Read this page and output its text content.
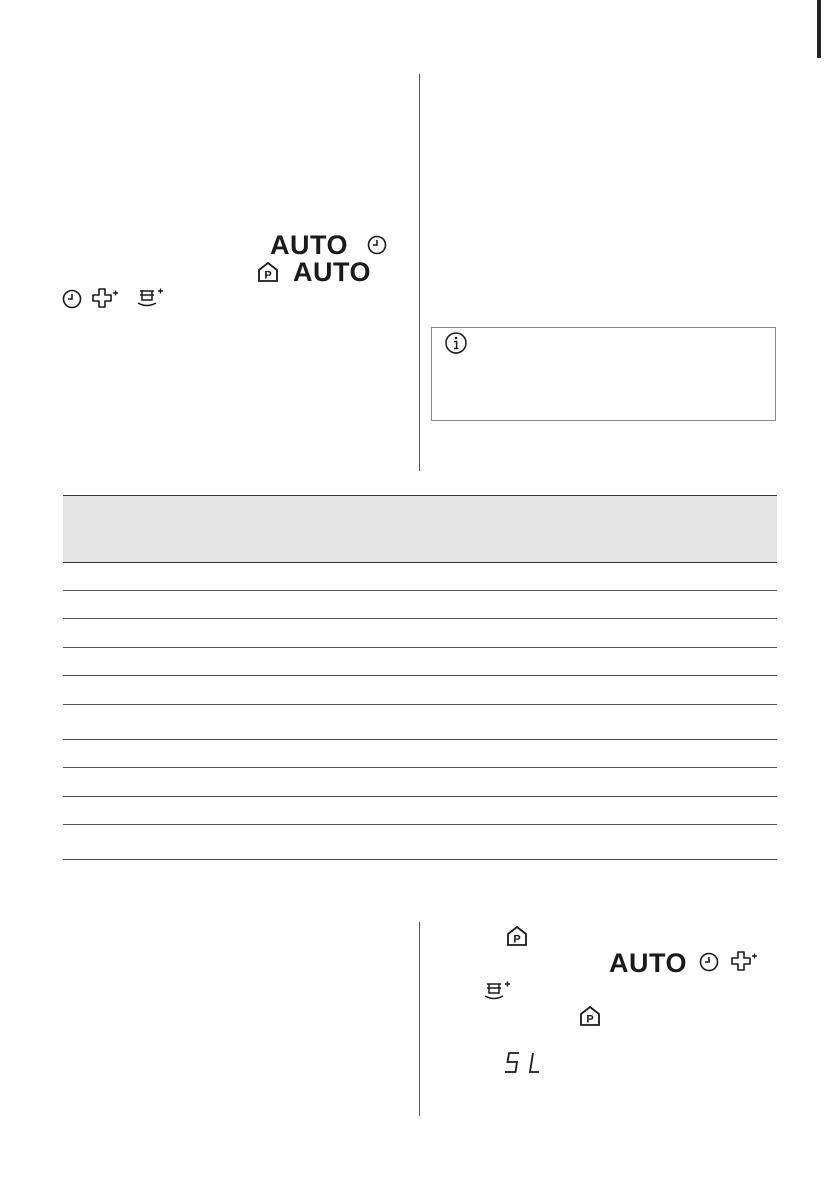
AUTO
P AUTO
P
AUTO
P
